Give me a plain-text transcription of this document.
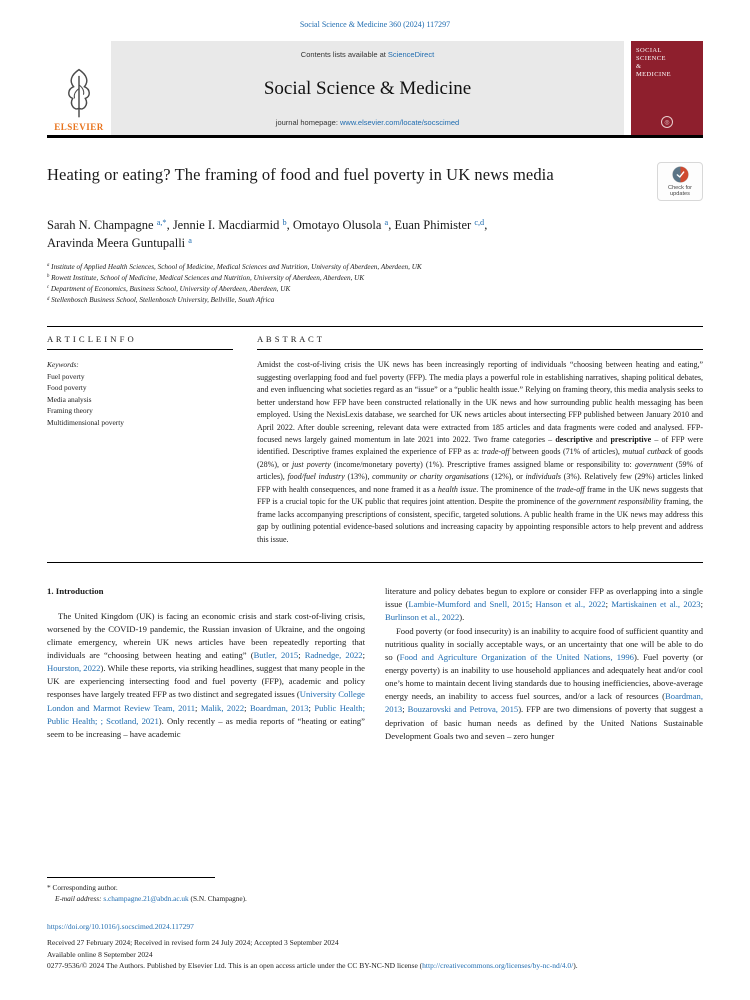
Social Science & Medicine 360 (2024) 117297
ELSEVIER
Contents lists available at ScienceDirect
Social Science & Medicine
journal homepage: www.elsevier.com/locate/socscimed
SOCIAL
SCIENCE
&
MEDICINE
◎
Heating or eating? The framing of food and fuel poverty in UK news media
Check for updates
Sarah N. Champagne $^{a,*}$, Jennie I. Macdiarmid $^b$, Omotayo Olusola $^a$, Euan Phimister $^{c,d}$,
Aravinda Meera Guntupalli $^a$
$^a$ Institute of Applied Health Sciences, School of Medicine, Medical Sciences and Nutrition, University of Aberdeen, Aberdeen, UK
$^b$ Rowett Institute, School of Medicine, Medical Sciences and Nutrition, University of Aberdeen, Aberdeen, UK
$^c$ Department of Economics, Business School, University of Aberdeen, Aberdeen, UK
$^d$ Stellenbosch Business School, Stellenbosch University, Bellville, South Africa
A R T I C L E I N F O
Keywords:
Fuel poverty
Food poverty
Media analysis
Framing theory
Multidimensional poverty
A B S T R A C T

Amidst the cost-of-living crisis the UK news has been increasingly reporting of individuals “choosing between heating and eating,” suggesting overlapping food and fuel poverty (FFP). The media plays a powerful role in establishing narratives, shaping political debates, and even influencing what societies regard as an “issue” or a “public health issue.” Relying on framing theory, this media analysis seeks to better understand how FFP have been constructed relationally in the UK news and how surrounding public health messaging has been employed. Using the NexisLexis database, we searched for UK news articles about intersecting FFP published between January 2010 and April 2022. After double screening, relevant data were extracted from 185 articles and data fragments were coded and analysed. FFP-focused news largely gained momentum in late 2021 into 2022. Two frame categories – descriptive and prescriptive – of FFP were identified. Descriptive frames explained the experience of FFP as a: trade-off between goods (71% of articles), mutual cutback of goods (28%), or just poverty (income/monetary poverty) (1%). Prescriptive frames assigned blame or responsibility to: government (59% of articles), food/fuel industry (13%), community or charity organisations (12%), or individuals (3%). Relatively few (29%) articles linked FFP with health consequences, and none framed it as a health issue. The prominence of the trade-off frame in the UK news suggests that FFP is a crucial topic for the UK public that requires joint attention. Despite the prominence of the government responsibility framing, the frame lacks accompanying prescriptions of consistent, specific, targeted solutions. A public health frame in the UK news may address this gap by outlining potential evidence-based solutions and increasing capacity by appointing responsible actors to help prevent and address this issue.

1. Introduction

The United Kingdom (UK) is facing an economic crisis and stark cost-of-living crisis, worsened by the COVID-19 pandemic, the Russian invasion of Ukraine, and the ongoing climate emergency, wherein UK news articles have been repeatedly reporting that individuals are “choosing between heating and eating” (Butler, 2015; Radnedge, 2022; Hourston, 2022). While these reports, via striking headlines, suggest that many people in the UK are experiencing intersecting food and fuel poverty (FFP), academic and policy responses have largely treated FFP as two distinct and segregated issues (University College London and Marmot Review Team, 2011; Malik, 2022; Boardman, 2013; Public Health; Public Health; ; Scotland, 2021). Only recently – as media reports of “heating or eating” seem to be increasing – have academic

literature and policy debates begun to explore or consider FFP as overlapping into a single issue (Lambie-Mumford and Snell, 2015; Hanson et al., 2022; Martiskainen et al., 2023; Burlinson et al., 2022).

Food poverty (or food insecurity) is an inability to acquire food of sufficient quantity and nutritious quality in socially acceptable ways, or an uncertainty that one will be able to do so (Food and Agriculture Organization of the United Nations, 1996). Fuel poverty (or energy poverty) is an inability to use household appliances and adequately heat and/or cool one’s home to maintain decent living standards due to housing inefficiencies, above-average energy needs, an inability to access fuel sources, and/or a lack of resources (Boardman, 2013; Bouzarovski and Petrova, 2015). FFP are two dimensions of poverty that suggest a deprivation of basic human needs as defined by the United Nations Sustainable Development Goals two and seven – zero hunger

* Corresponding author.
E-mail address: s.champagne.21@abdn.ac.uk (S.N. Champagne).
https://doi.org/10.1016/j.socscimed.2024.117297
Received 27 February 2024; Received in revised form 24 July 2024; Accepted 3 September 2024
Available online 8 September 2024
0277-9536/© 2024 The Authors. Published by Elsevier Ltd. This is an open access article under the CC BY-NC-ND license (http://creativecommons.org/licenses/by-nc-nd/4.0/).
